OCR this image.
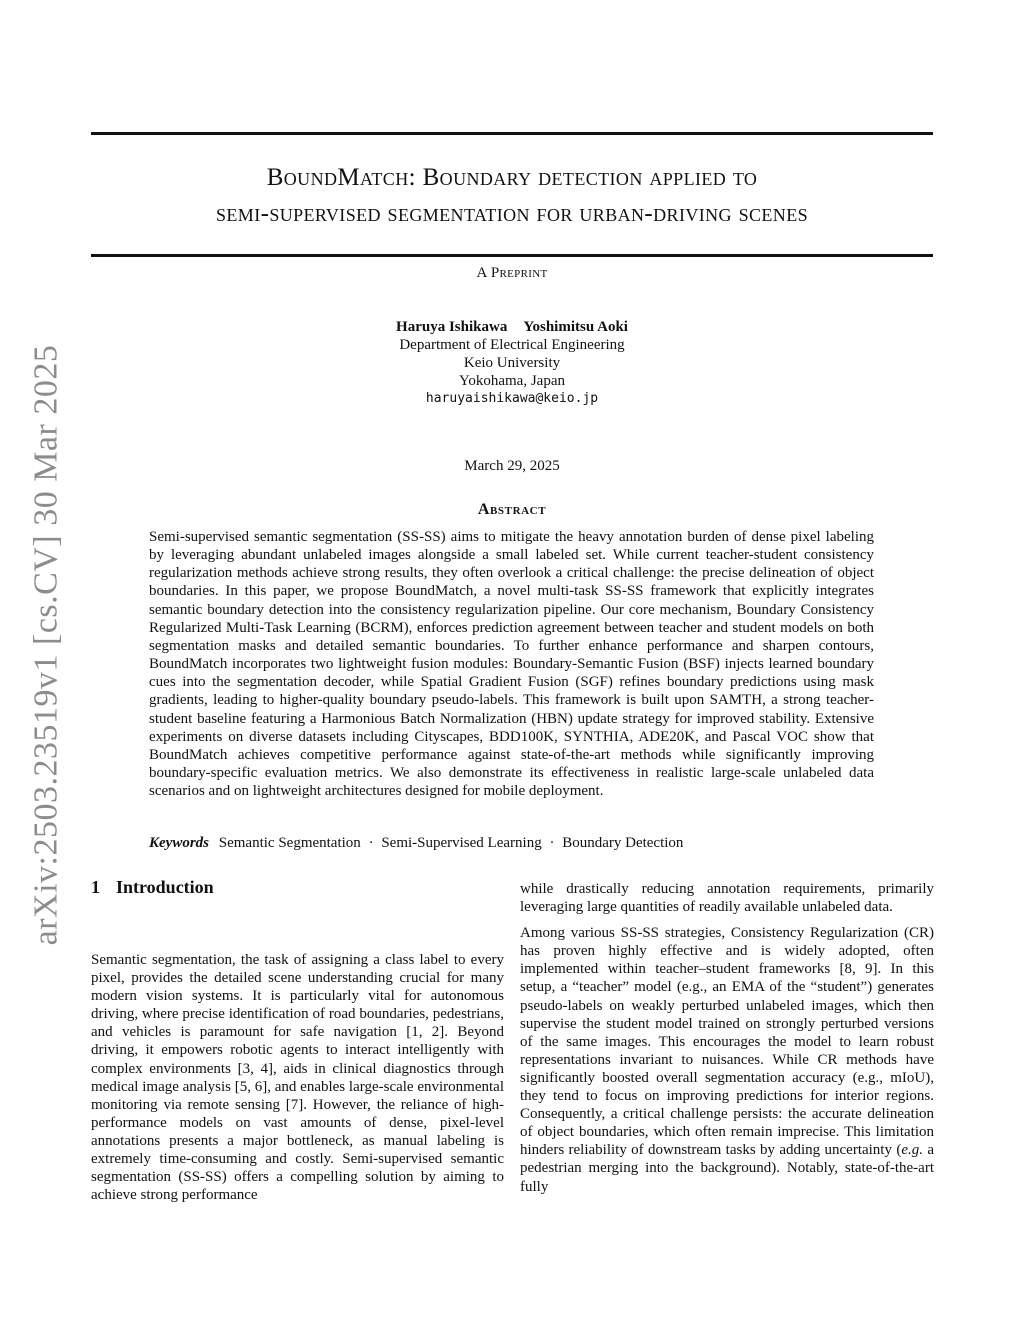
arXiv:2503.23519v1 [cs.CV] 30 Mar 2025
BoundMatch: Boundary detection applied to
semi-supervised segmentation for urban-driving scenes
A Preprint
Haruya Ishikawa Yoshimitsu Aoki
Department of Electrical Engineering
Keio University
Yokohama, Japan
haruyaishikawa@keio.jp
March 29, 2025
Abstract

Semi-supervised semantic segmentation (SS-SS) aims to mitigate the heavy annotation burden of dense pixel labeling by leveraging abundant unlabeled images alongside a small labeled set. While current teacher-student consistency regularization methods achieve strong results, they often overlook a critical challenge: the precise delineation of object boundaries. In this paper, we propose BoundMatch, a novel multi-task SS-SS framework that explicitly integrates semantic boundary detection into the consistency regularization pipeline. Our core mechanism, Boundary Consistency Regularized Multi-Task Learning (BCRM), enforces prediction agreement between teacher and student models on both segmentation masks and detailed semantic boundaries. To further enhance performance and sharpen contours, BoundMatch incorporates two lightweight fusion modules: Boundary-Semantic Fusion (BSF) injects learned boundary cues into the segmentation decoder, while Spatial Gradient Fusion (SGF) refines boundary predictions using mask gradients, leading to higher-quality boundary pseudo-labels. This framework is built upon SAMTH, a strong teacher-student baseline featuring a Harmonious Batch Normalization (HBN) update strategy for improved stability. Extensive experiments on diverse datasets including Cityscapes, BDD100K, SYNTHIA, ADE20K, and Pascal VOC show that BoundMatch achieves competitive performance against state-of-the-art methods while significantly improving boundary-specific evaluation metrics. We also demonstrate its effectiveness in realistic large-scale unlabeled data scenarios and on lightweight architectures designed for mobile deployment.

Keywords Semantic Segmentation · Semi-Supervised Learning · Boundary Detection
1 Introduction

Semantic segmentation, the task of assigning a class label to every pixel, provides the detailed scene understanding crucial for many modern vision systems. It is particularly vital for autonomous driving, where precise identification of road boundaries, pedestrians, and vehicles is paramount for safe navigation [1, 2]. Beyond driving, it empowers robotic agents to interact intelligently with complex environments [3, 4], aids in clinical diagnostics through medical image analysis [5, 6], and enables large-scale environmental monitoring via remote sensing [7]. However, the reliance of high-performance models on vast amounts of dense, pixel-level annotations presents a major bottleneck, as manual labeling is extremely time-consuming and costly. Semi-supervised semantic segmentation (SS-SS) offers a compelling solution by aiming to achieve strong performance

while drastically reducing annotation requirements, primarily leveraging large quantities of readily available unlabeled data.

Among various SS-SS strategies, Consistency Regularization (CR) has proven highly effective and is widely adopted, often implemented within teacher–student frameworks [8, 9]. In this setup, a “teacher” model (e.g., an EMA of the “student”) generates pseudo-labels on weakly perturbed unlabeled images, which then supervise the student model trained on strongly perturbed versions of the same images. This encourages the model to learn robust representations invariant to nuisances. While CR methods have significantly boosted overall segmentation accuracy (e.g., mIoU), they tend to focus on improving predictions for interior regions. Consequently, a critical challenge persists: the accurate delineation of object boundaries, which often remain imprecise. This limitation hinders reliability of downstream tasks by adding uncertainty (e.g. a pedestrian merging into the background). Notably, state-of-the-art fully
